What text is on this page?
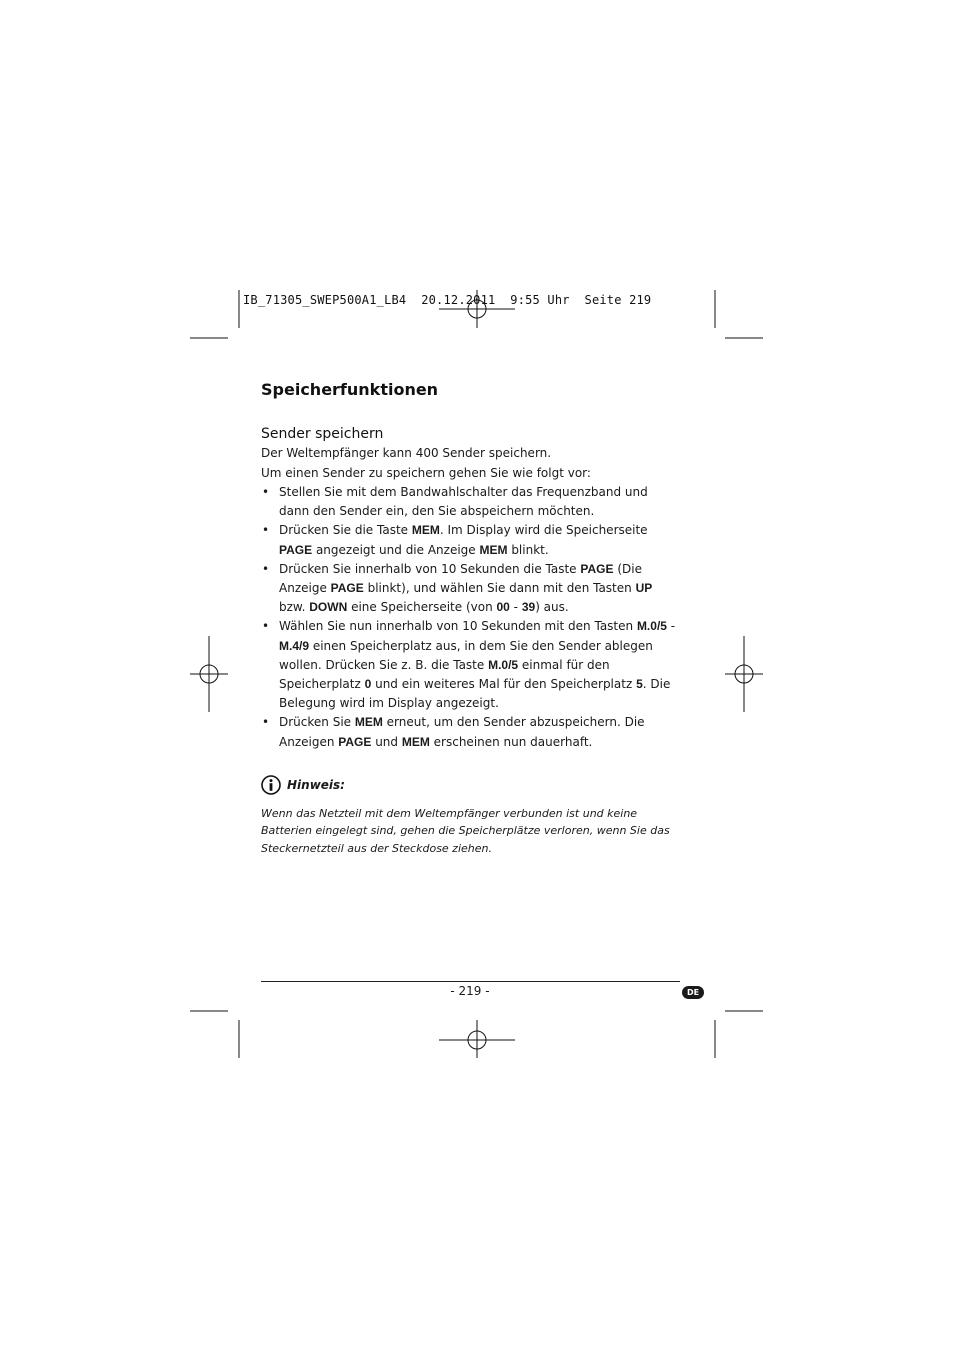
IB_71305_SWEP500A1_LB4  20.12.2011  9:55 Uhr  Seite 219
Speicherfunktionen
Sender speichern

Der Weltempfänger kann 400 Sender speichern.
Um einen Sender zu speichern gehen Sie wie folgt vor:

• Stellen Sie mit dem Bandwahlschalter das Frequenzband und dann den Sender ein, den Sie abspeichern möchten.
• Drücken Sie die Taste MEM. Im Display wird die Speicherseite PAGE angezeigt und die Anzeige MEM blinkt.
• Drücken Sie innerhalb von 10 Sekunden die Taste PAGE (Die Anzeige PAGE blinkt), und wählen Sie dann mit den Tasten UP bzw. DOWN eine Speicherseite (von 00 - 39) aus.
• Wählen Sie nun innerhalb von 10 Sekunden mit den Tasten M.0/5 - M.4/9 einen Speicherplatz aus, in dem Sie den Sender ablegen wollen. Drücken Sie z. B. die Taste M.0/5 einmal für den Speicherplatz 0 und ein weiteres Mal für den Speicherplatz 5. Die Belegung wird im Display angezeigt.
• Drücken Sie MEM erneut, um den Sender abzuspeichern. Die Anzeigen PAGE und MEM erscheinen nun dauerhaft.
Hinweis:
Wenn das Netzteil mit dem Weltempfänger verbunden ist und keine Batterien eingelegt sind, gehen die Speicherplätze verloren, wenn Sie das Steckernetzteil aus der Steckdose ziehen.
- 219 -	DE
